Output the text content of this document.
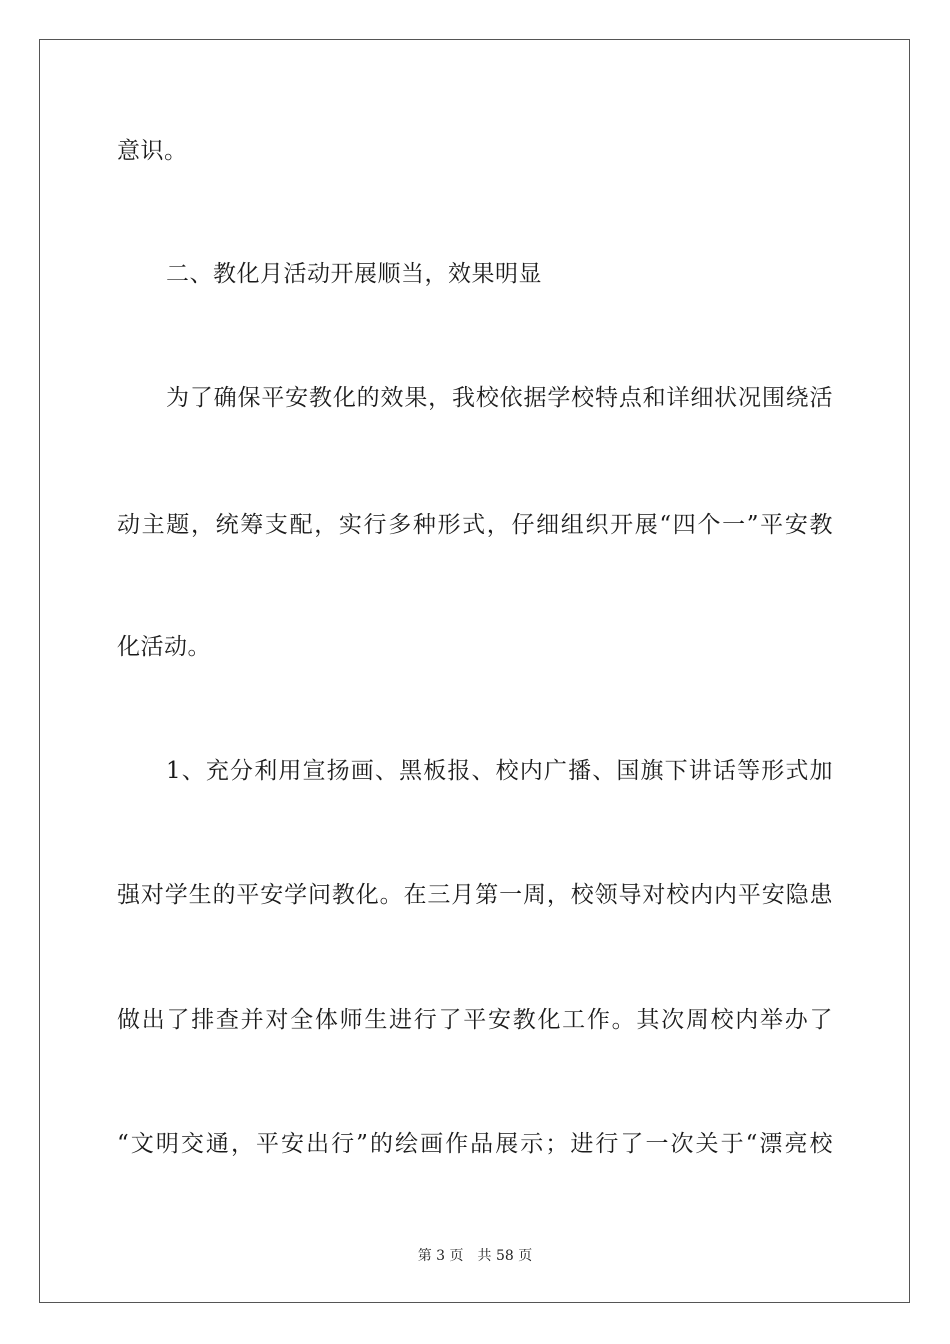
意识。
二、教化月活动开展顺当，效果明显
为了确保平安教化的效果，我校依据学校特点和详细状况围绕活
动主题，统筹支配，实行多种形式，仔细组织开展“四个一”平安教
化活动。
1、充分利用宣扬画、黑板报、校内广播、国旗下讲话等形式加
强对学生的平安学问教化。在三月第一周，校领导对校内内平安隐患
做出了排查并对全体师生进行了平安教化工作。其次周校内举办了
“文明交通，平安出行”的绘画作品展示；进行了一次关于“漂亮校
第 3 页 共 58 页
